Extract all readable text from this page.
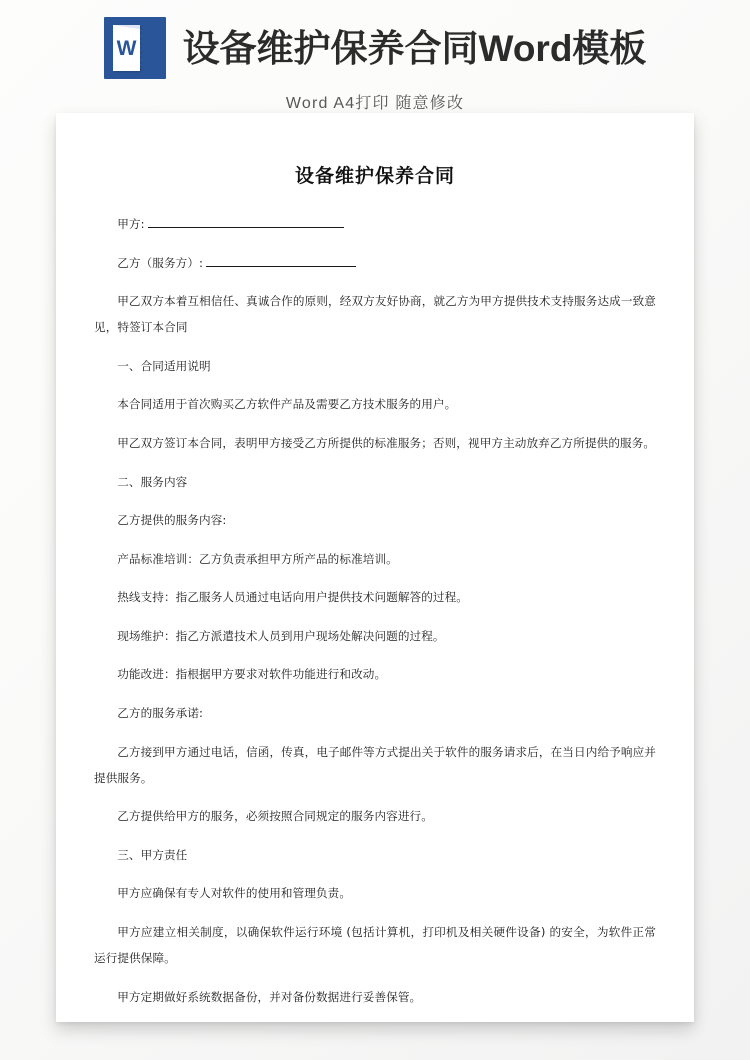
W 设备维护保养合同Word模板
Word A4打印 随意修改
设备维护保养合同

甲方:

乙方（服务方）:

甲乙双方本着互相信任、真诚合作的原则，经双方友好协商，就乙方为甲方提供技术支持服务达成一致意见，特签订本合同

一、合同适用说明

本合同适用于首次购买乙方软件产品及需要乙方技术服务的用户。

甲乙双方签订本合同，表明甲方接受乙方所提供的标准服务；否则，视甲方主动放弃乙方所提供的服务。

二、服务内容

乙方提供的服务内容:

产品标准培训：乙方负责承担甲方所产品的标准培训。

热线支持：指乙服务人员通过电话向用户提供技术问题解答的过程。

现场维护：指乙方派遣技术人员到用户现场处解决问题的过程。

功能改进：指根据甲方要求对软件功能进行和改动。

乙方的服务承诺:

乙方接到甲方通过电话，信函，传真，电子邮件等方式提出关于软件的服务请求后，在当日内给予响应并提供服务。

乙方提供给甲方的服务，必须按照合同规定的服务内容进行。

三、甲方责任

甲方应确保有专人对软件的使用和管理负责。

甲方应建立相关制度，以确保软件运行环境 (包括计算机，打印机及相关硬件设备) 的安全，为软件正常运行提供保障。

甲方定期做好系统数据备份，并对备份数据进行妥善保管。
